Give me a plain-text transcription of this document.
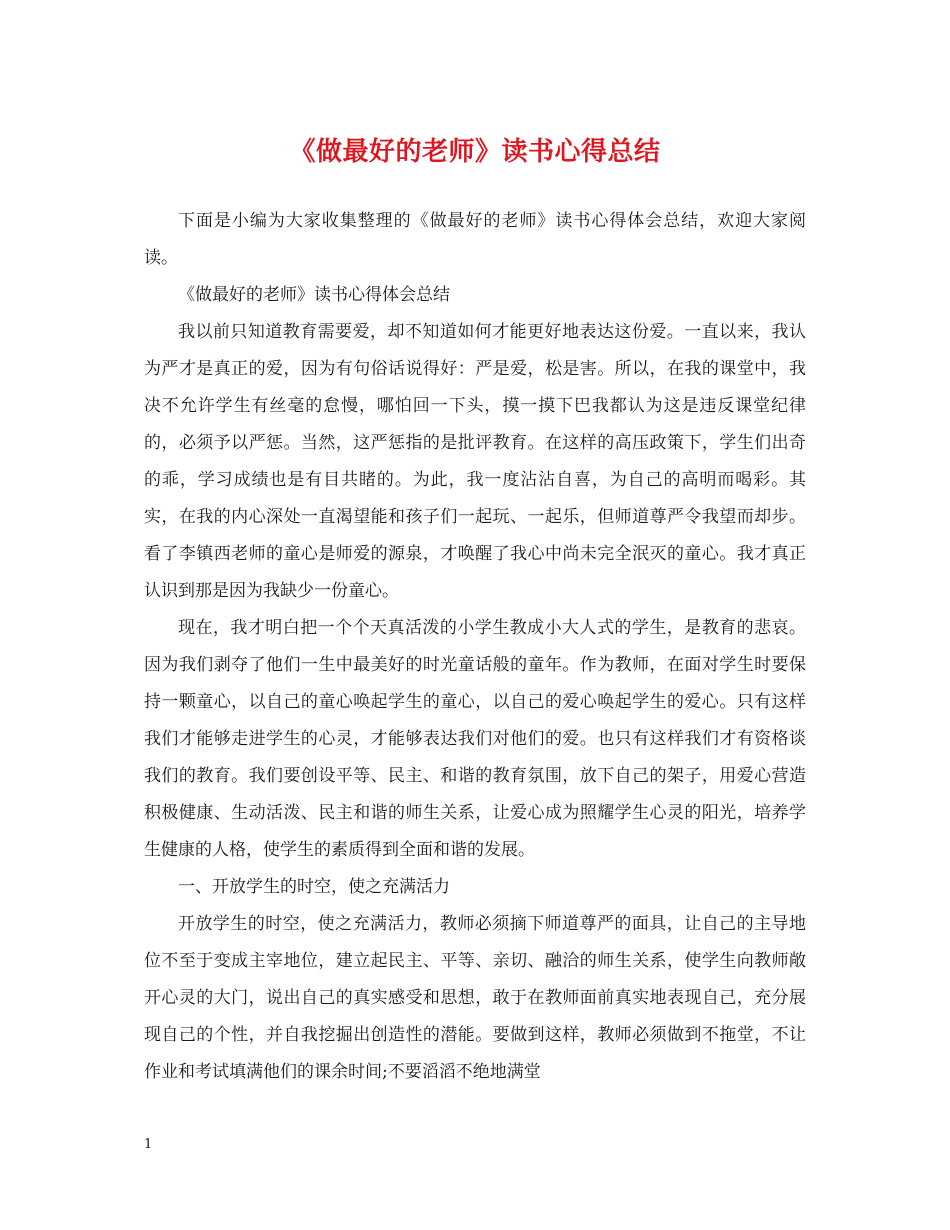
《做最好的老师》读书心得总结

下面是小编为大家收集整理的《做最好的老师》读书心得体会总结，欢迎大家阅读。

《做最好的老师》读书心得体会总结

我以前只知道教育需要爱，却不知道如何才能更好地表达这份爱。一直以来，我认为严才是真正的爱，因为有句俗话说得好：严是爱，松是害。所以，在我的课堂中，我决不允许学生有丝毫的怠慢，哪怕回一下头，摸一摸下巴我都认为这是违反课堂纪律的，必须予以严惩。当然，这严惩指的是批评教育。在这样的高压政策下，学生们出奇的乖，学习成绩也是有目共睹的。为此，我一度沾沾自喜，为自己的高明而喝彩。其实，在我的内心深处一直渴望能和孩子们一起玩、一起乐，但师道尊严令我望而却步。看了李镇西老师的童心是师爱的源泉，才唤醒了我心中尚未完全泯灭的童心。我才真正认识到那是因为我缺少一份童心。

现在，我才明白把一个个天真活泼的小学生教成小大人式的学生，是教育的悲哀。因为我们剥夺了他们一生中最美好的时光童话般的童年。作为教师，在面对学生时要保持一颗童心，以自己的童心唤起学生的童心，以自己的爱心唤起学生的爱心。只有这样我们才能够走进学生的心灵，才能够表达我们对他们的爱。也只有这样我们才有资格谈我们的教育。我们要创设平等、民主、和谐的教育氛围，放下自己的架子，用爱心营造积极健康、生动活泼、民主和谐的师生关系，让爱心成为照耀学生心灵的阳光，培养学生健康的人格，使学生的素质得到全面和谐的发展。

一、开放学生的时空，使之充满活力

开放学生的时空，使之充满活力，教师必须摘下师道尊严的面具，让自己的主导地位不至于变成主宰地位，建立起民主、平等、亲切、融洽的师生关系，使学生向教师敞开心灵的大门，说出自己的真实感受和思想，敢于在教师面前真实地表现自己，充分展现自己的个性，并自我挖掘出创造性的潜能。要做到这样，教师必须做到不拖堂，不让作业和考试填满他们的课余时间;不要滔滔不绝地满堂

1
